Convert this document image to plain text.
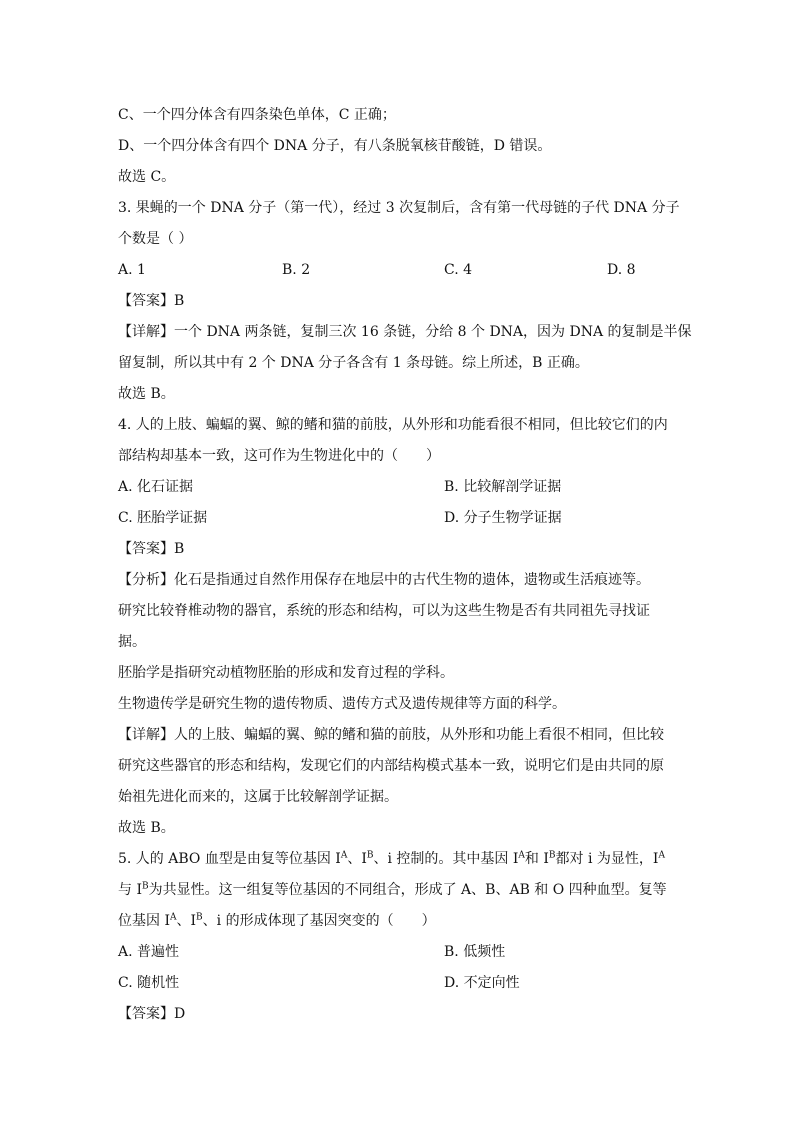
C、一个四分体含有四条染色单体，C 正确；
D、一个四分体含有四个 DNA 分子，有八条脱氧核苷酸链，D 错误。
故选 C。
3. 果蝇的一个 DNA 分子（第一代），经过 3 次复制后，含有第一代母链的子代 DNA 分子
个数是（ ）
A. 1	B. 2	C. 4	D. 8
【答案】B
【详解】一个 DNA 两条链，复制三次 16 条链，分给 8 个 DNA，因为 DNA 的复制是半保
留复制，所以其中有 2 个 DNA 分子各含有 1 条母链。综上所述，B 正确。
故选 B。
4. 人的上肢、蝙蝠的翼、鲸的鳍和猫的前肢，从外形和功能看很不相同，但比较它们的内
部结构却基本一致，这可作为生物进化中的（　　）
A. 化石证据	B. 比较解剖学证据
C. 胚胎学证据	D. 分子生物学证据
【答案】B
【分析】化石是指通过自然作用保存在地层中的古代生物的遗体，遗物或生活痕迹等。
研究比较脊椎动物的器官，系统的形态和结构，可以为这些生物是否有共同祖先寻找证
据。
胚胎学是指研究动植物胚胎的形成和发育过程的学科。
生物遗传学是研究生物的遗传物质、遗传方式及遗传规律等方面的科学。
【详解】人的上肢、蝙蝠的翼、鲸的鳍和猫的前肢，从外形和功能上看很不相同，但比较
研究这些器官的形态和结构，发现它们的内部结构模式基本一致，说明它们是由共同的原
始祖先进化而来的，这属于比较解剖学证据。
故选 B。
5. 人的 ABO 血型是由复等位基因 $I^A$、$I^B$、i 控制的。其中基因 $I^A$和 $I^B$都对 i 为显性，$I^A$
与 $I^B$为共显性。这一组复等位基因的不同组合，形成了 A、B、AB 和 O 四种血型。复等
位基因 $I^A$、$I^B$、i 的形成体现了基因突变的（　　）
A. 普遍性	B. 低频性
C. 随机性	D. 不定向性
【答案】D
